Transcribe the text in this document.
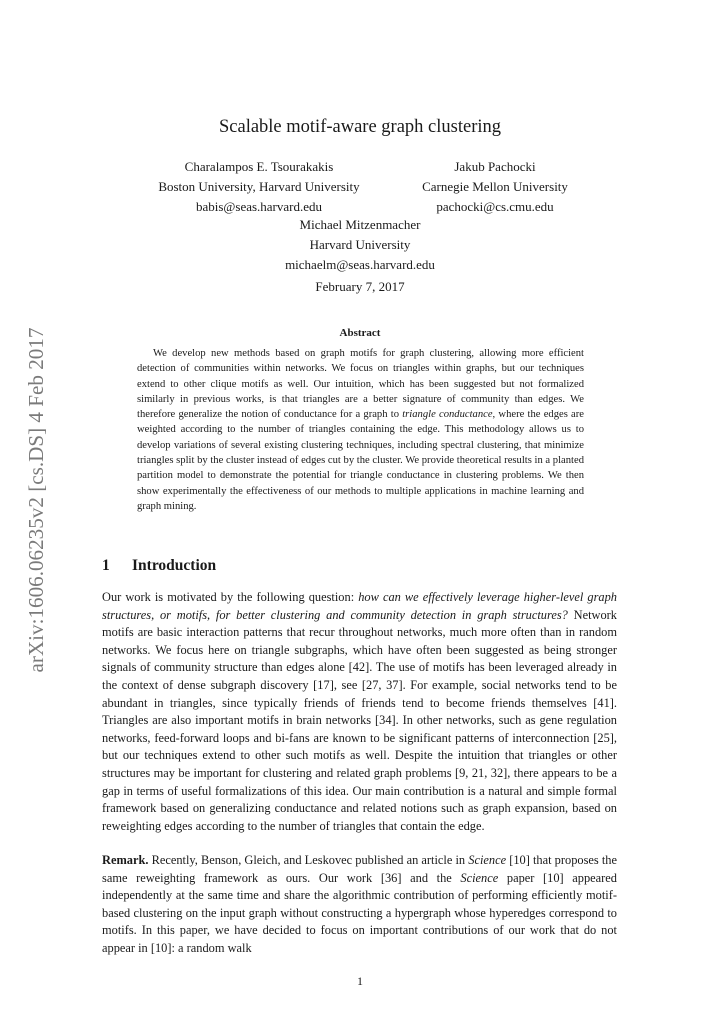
arXiv:1606.06235v2 [cs.DS] 4 Feb 2017
Scalable motif-aware graph clustering
Charalampos E. Tsourakakis
Boston University, Harvard University
babis@seas.harvard.edu
Jakub Pachocki
Carnegie Mellon University
pachocki@cs.cmu.edu
Michael Mitzenmacher
Harvard University
michaelm@seas.harvard.edu
February 7, 2017
Abstract
We develop new methods based on graph motifs for graph clustering, allowing more efficient detection of communities within networks. We focus on triangles within graphs, but our techniques extend to other clique motifs as well. Our intuition, which has been suggested but not formalized similarly in previous works, is that triangles are a better signature of community than edges. We therefore generalize the notion of conductance for a graph to triangle conductance, where the edges are weighted according to the number of triangles containing the edge. This methodology allows us to develop variations of several existing clustering techniques, including spectral clustering, that minimize triangles split by the cluster instead of edges cut by the cluster. We provide theoretical results in a planted partition model to demonstrate the potential for triangle conductance in clustering problems. We then show experimentally the effectiveness of our methods to multiple applications in machine learning and graph mining.
1 Introduction

Our work is motivated by the following question: how can we effectively leverage higher-level graph structures, or motifs, for better clustering and community detection in graph structures? Network motifs are basic interaction patterns that recur throughout networks, much more often than in random networks. We focus here on triangle subgraphs, which have often been suggested as being stronger signals of community structure than edges alone [42]. The use of motifs has been leveraged already in the context of dense subgraph discovery [17], see [27, 37]. For example, social networks tend to be abundant in triangles, since typically friends of friends tend to become friends themselves [41]. Triangles are also important motifs in brain networks [34]. In other networks, such as gene regulation networks, feed-forward loops and bi-fans are known to be significant patterns of interconnection [25], but our techniques extend to other such motifs as well. Despite the intuition that triangles or other structures may be important for clustering and related graph problems [9, 21, 32], there appears to be a gap in terms of useful formalizations of this idea. Our main contribution is a natural and simple formal framework based on generalizing conductance and related notions such as graph expansion, based on reweighting edges according to the number of triangles that contain the edge.

Remark. Recently, Benson, Gleich, and Leskovec published an article in Science [10] that proposes the same reweighting framework as ours. Our work [36] and the Science paper [10] appeared independently at the same time and share the algorithmic contribution of performing efficiently motif-based clustering on the input graph without constructing a hypergraph whose hyperedges correspond to motifs. In this paper, we have decided to focus on important contributions of our work that do not appear in [10]: a random walk

1
